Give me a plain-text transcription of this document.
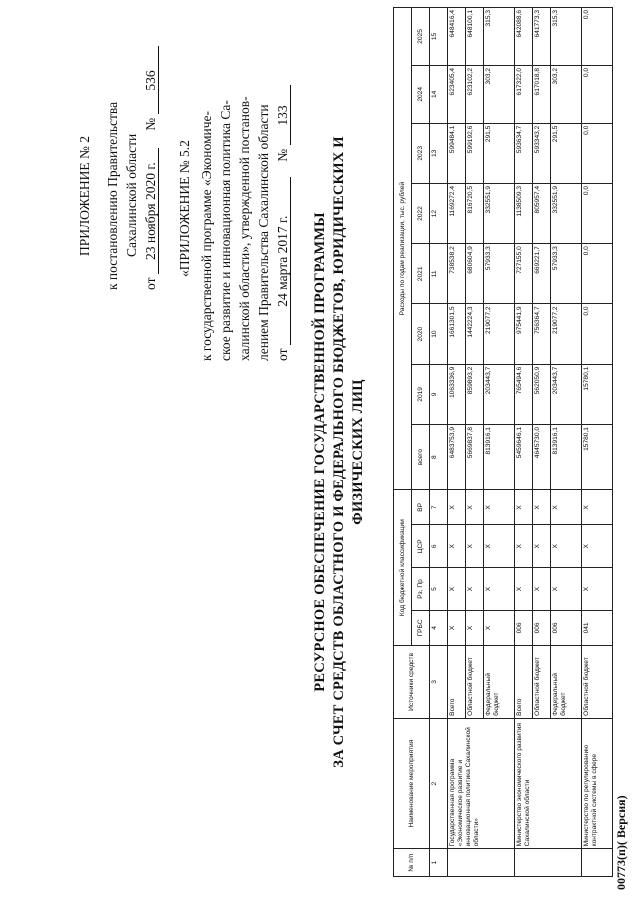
ПРИЛОЖЕНИЕ № 2 к постановлению Правительства Сахалинской области
от 23 ноября 2020 г. № 536
«ПРИЛОЖЕНИЕ № 5.2 к государственной программе «Экономиче- ское развитие и инновационная политика Са- халинской области», утвержденной постанов- лением Правительства Сахалинской области от 24 марта 2017 г. № 133
РЕСУРСНОЕ ОБЕСПЕЧЕНИЕ ГОСУДАРСТВЕННОЙ ПРОГРАММЫ ЗА СЧЕТ СРЕДСТВ ОБЛАСТНОГО И ФЕДЕРАЛЬНОГО БЮДЖЕТОВ, ЮРИДИЧЕСКИХ И ФИЗИЧЕСКИХ ЛИЦ
00773(п)( Версия)
№ п/п	Наименование мероприятия	Источники средств	Код бюджетной классификации				Расходы по годам реализации, тыс. рублей							
			ГРБС	Рз, Пр	ЦСР	ВР	всего	2019	2020	2021	2022	2023	2024	2025
1	2	3	4	5	6	7	8	9	10	11	12	13	14	15
	Государственная программа «Экономическое развитие и инновационная политика Сахалинской области»	Всего	Х	Х	Х	Х	6483753,9	1063336,9	1661301,5	738538,2	1169272,4	599484,1	623405,4	648416,4
		Областной бюджет	Х	Х	Х	Х	5669837,8	859893,2	1442224,3	680604,9	816720,5	599192,6	623102,2	648100,1
		Федеральный бюджет	Х	Х	Х	Х	813916,1	203443,7	219077,2	57933,3	332551,9	291,5	303,2	315,3
	Министерство экономического развития Сахалинской области	Всего	006	Х	Х	Х	5459646,1	765494,6	975441,9	727155,0	1138509,3	593634,7	617322,0	642088,6
		Областной бюджет	006	Х	Х	Х	4645730,0	562050,9	756364,7	669221,7	805957,4	593343,2	617018,8	641773,3
		Федеральный бюджет	006	Х	Х	Х	813916,1	203443,7	219077,2	57933,3	332551,9	291,5	303,2	315,3
	Министерство по регулированию контрактной системы в сфере	Областной бюджет	041	Х	Х	Х	15780,1	15780,1	0,0	0,0	0,0	0,0	0,0	0,0
